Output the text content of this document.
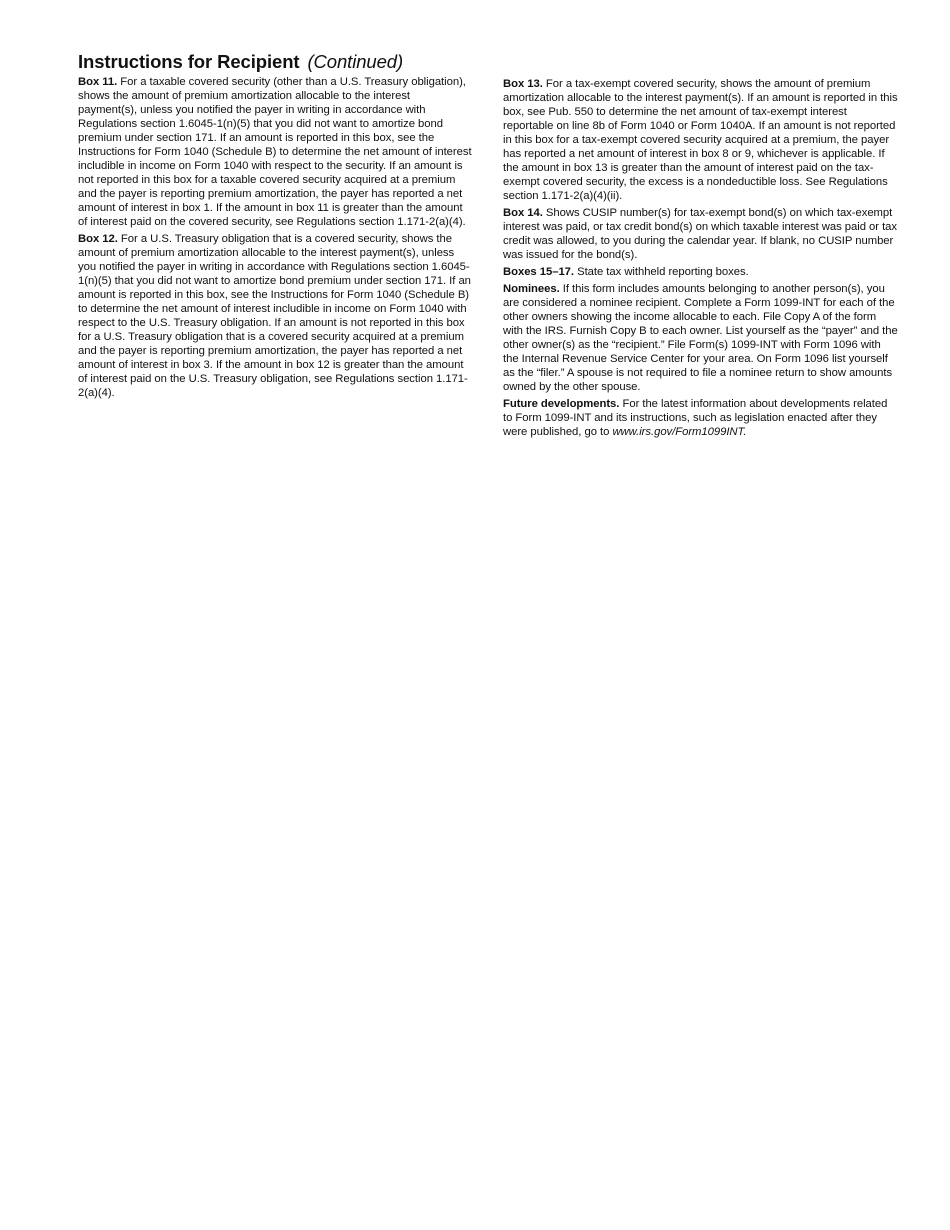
Instructions for Recipient (Continued)

Box 11. For a taxable covered security (other than a U.S. Treasury obligation), shows the amount of premium amortization allocable to the interest payment(s), unless you notified the payer in writing in accordance with Regulations section 1.6045-1(n)(5) that you did not want to amortize bond premium under section 171. If an amount is reported in this box, see the Instructions for Form 1040 (Schedule B) to determine the net amount of interest includible in income on Form 1040 with respect to the security. If an amount is not reported in this box for a taxable covered security acquired at a premium and the payer is reporting premium amortization, the payer has reported a net amount of interest in box 1. If the amount in box 11 is greater than the amount of interest paid on the covered security, see Regulations section 1.171-2(a)(4).

Box 12. For a U.S. Treasury obligation that is a covered security, shows the amount of premium amortization allocable to the interest payment(s), unless you notified the payer in writing in accordance with Regulations section 1.6045-1(n)(5) that you did not want to amortize bond premium under section 171. If an amount is reported in this box, see the Instructions for Form 1040 (Schedule B) to determine the net amount of interest includible in income on Form 1040 with respect to the U.S. Treasury obligation. If an amount is not reported in this box for a U.S. Treasury obligation that is a covered security acquired at a premium and the payer is reporting premium amortization, the payer has reported a net amount of interest in box 3. If the amount in box 12 is greater than the amount of interest paid on the U.S. Treasury obligation, see Regulations section 1.171-2(a)(4).

Box 13. For a tax-exempt covered security, shows the amount of premium amortization allocable to the interest payment(s). If an amount is reported in this box, see Pub. 550 to determine the net amount of tax-exempt interest reportable on line 8b of Form 1040 or Form 1040A. If an amount is not reported in this box for a tax-exempt covered security acquired at a premium, the payer has reported a net amount of interest in box 8 or 9, whichever is applicable. If the amount in box 13 is greater than the amount of interest paid on the tax-exempt covered security, the excess is a nondeductible loss. See Regulations section 1.171-2(a)(4)(ii).

Box 14. Shows CUSIP number(s) for tax-exempt bond(s) on which tax-exempt interest was paid, or tax credit bond(s) on which taxable interest was paid or tax credit was allowed, to you during the calendar year. If blank, no CUSIP number was issued for the bond(s).

Boxes 15–17. State tax withheld reporting boxes.

Nominees. If this form includes amounts belonging to another person(s), you are considered a nominee recipient. Complete a Form 1099-INT for each of the other owners showing the income allocable to each. File Copy A of the form with the IRS. Furnish Copy B to each owner. List yourself as the “payer” and the other owner(s) as the “recipient.” File Form(s) 1099-INT with Form 1096 with the Internal Revenue Service Center for your area. On Form 1096 list yourself as the “filer.” A spouse is not required to file a nominee return to show amounts owned by the other spouse.

Future developments. For the latest information about developments related to Form 1099-INT and its instructions, such as legislation enacted after they were published, go to www.irs.gov/Form1099INT.
